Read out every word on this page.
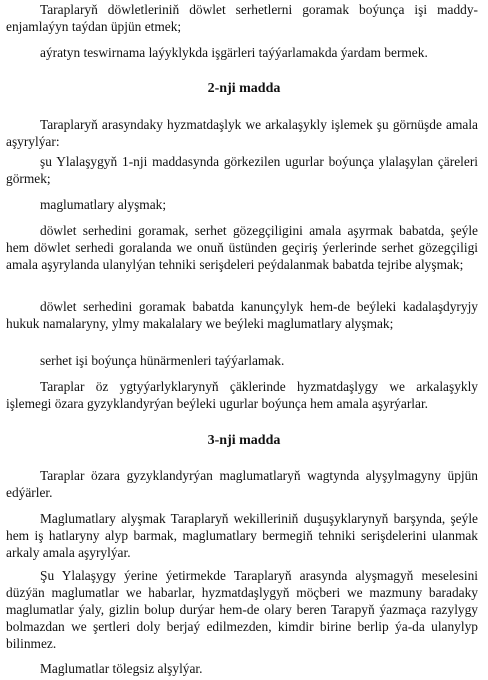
Taraplaryň döwletleriniň döwlet serhetlerni goramak boýunça işi maddy-enjamlaýyn taýdan üpjün etmek;
aýratyn teswirnama laýyklykda işgärleri taýýarlamakda ýardam bermek.
2-nji madda
Taraplaryň arasyndaky hyzmatdaşlyk we arkalaşykly işlemek şu görnüşde amala aşyrylýar:
şu Ylalaşygyň 1-nji maddasynda görkezilen ugurlar boýunça ylalaşylan çäreleri görmek;
maglumatlary alyşmak;
döwlet serhedini goramak, serhet gözegçiligini amala aşyrmak babatda, şeýle hem döwlet serhedi goralanda we onuň üstünden geçiriş ýerlerinde serhet gözegçiligi amala aşyrylanda ulanylýan tehniki serişdeleri peýdalanmak babatda tejribe alyşmak;
döwlet serhedini goramak babatda kanunçylyk hem-de beýleki kadalaşdyryjy hukuk namalaryny, ylmy makalalary we beýleki maglumatlary alyşmak;
serhet işi boýunça hünärmenleri taýýarlamak.
Taraplar öz ygtyýarlyklarynyň çäklerinde hyzmatdaşlygy we arkalaşykly işlemegi özara gyzyklandyrýan beýleki ugurlar boýunça hem amala aşyrýarlar.
3-nji madda
Taraplar özara gyzyklandyrýan maglumatlaryň wagtynda alyşylmagyny üpjün edýärler.
Maglumatlary alyşmak Taraplaryň wekilleriniň duşuşyklarynyň barşynda, şeýle hem iş hatlaryny alyp barmak, maglumatlary bermegiň tehniki serişdelerini ulanmak arkaly amala aşyrylýar.
Şu Ylalaşygy ýerine ýetirmekde Taraplaryň arasynda alyşmagyň meselesini düzýän maglumatlar we habarlar, hyzmatdaşlygyň möçberi we mazmuny baradaky maglumatlar ýaly, gizlin bolup durýar hem-de olary beren Tarapyň ýazmaça razylygy bolmazdan we şertleri doly berjaý edilmezden, kimdir birine berlip ýa-da ulanylyp bilinmez.
Maglumatlar tölegsiz alşylýar.
